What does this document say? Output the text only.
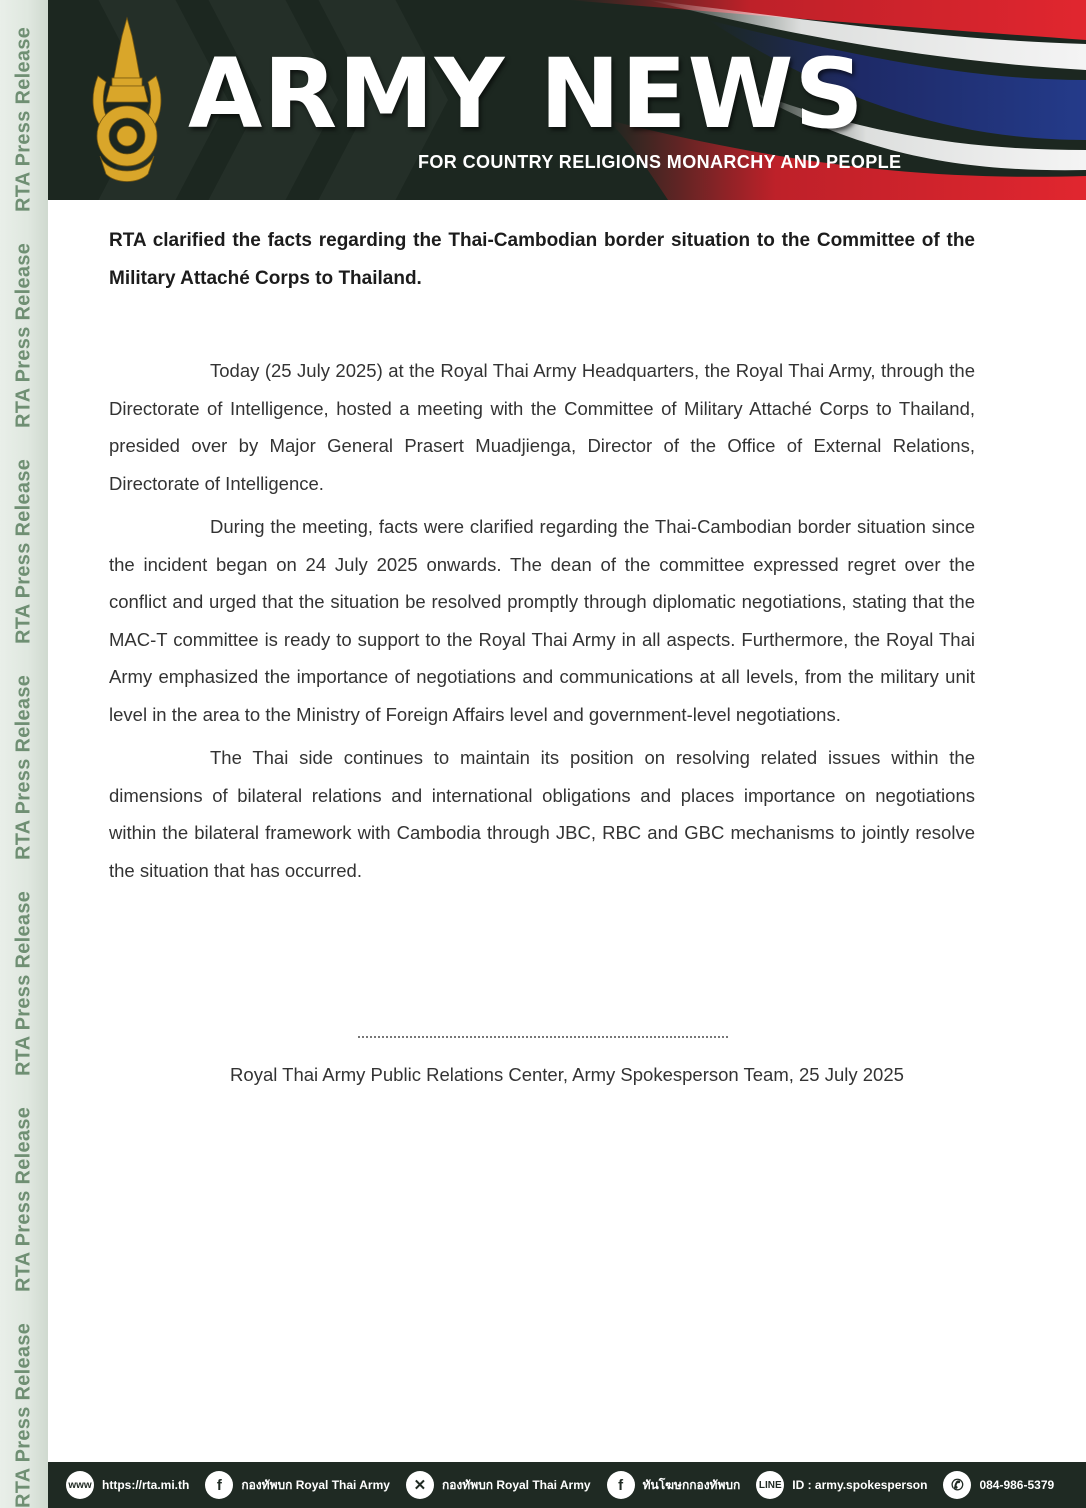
RTA Press ReleaseRTA Press ReleaseRTA Press ReleaseRTA Press ReleaseRTA Press ReleaseRTA Press ReleaseRTA Press Release ARMY NEWS
FOR COUNTRY RELIGIONS MONARCHY AND PEOPLE

RTA clarified the facts regarding the Thai-Cambodian border situation to the Committee of the Military Attaché Corps to Thailand.

Today (25 July 2025) at the Royal Thai Army Headquarters, the Royal Thai Army, through the Directorate of Intelligence, hosted a meeting with the Committee of Military Attaché Corps to Thailand, presided over by Major General Prasert Muadjienga, Director of the Office of External Relations, Directorate of Intelligence.

During the meeting, facts were clarified regarding the Thai-Cambodian border situation since the incident began on 24 July 2025 onwards. The dean of the committee expressed regret over the conflict and urged that the situation be resolved promptly through diplomatic negotiations, stating that the MAC-T committee is ready to support to the Royal Thai Army in all aspects. Furthermore, the Royal Thai Army emphasized the importance of negotiations and communications at all levels, from the military unit level in the area to the Ministry of Foreign Affairs level and government-level negotiations.

The Thai side continues to maintain its position on resolving related issues within the dimensions of bilateral relations and international obligations and places importance on negotiations within the bilateral framework with Cambodia through JBC, RBC and GBC mechanisms to jointly resolve the situation that has occurred.

Royal Thai Army Public Relations Center, Army Spokesperson Team, 25 July 2025
www https://rta.mi.th	f	กองทัพบก Royal Thai Army	✕	กองทัพบก Royal Thai Army	f	ทันโฆษกกองทัพบก LINE ID : army.spokesperson	✆	084-986-5379
